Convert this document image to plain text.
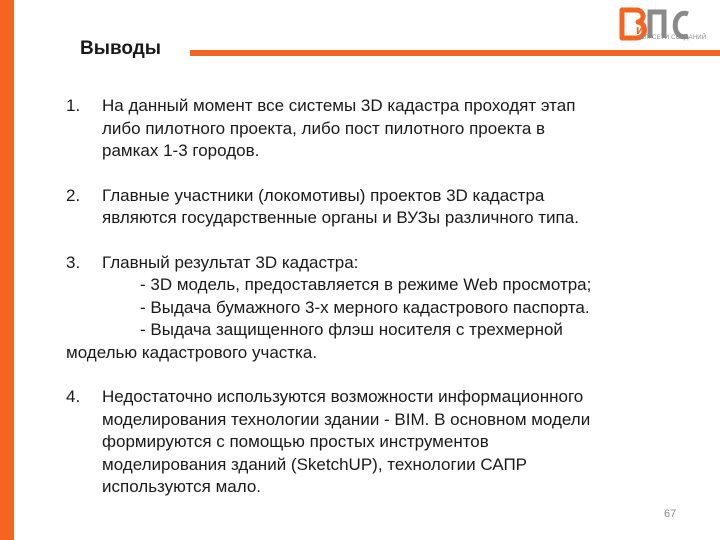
Выводы
и
ЭЛ. СЕТИ СОЗДАНИЙ
1. На данный момент все системы 3D кадастра проходят этап
либо пилотного проекта, либо пост пилотного проекта в
рамках 1-3 городов.
2. Главные участники (локомотивы) проектов 3D кадастра
являются государственные органы и ВУЗы различного типа.
3. Главный результат 3D кадастра:
- 3D модель, предоставляется в режиме Web просмотра;
- Выдача бумажного 3-х мерного кадастрового паспорта.
- Выдача защищенного флэш носителя с трехмерной
моделью кадастрового участка.
4. Недостаточно используются возможности информационного
моделирования технологии здании - BIM. В основном модели
формируются с помощью простых инструментов
моделирования зданий (SketchUP), технологии САПР
используются мало.
67
